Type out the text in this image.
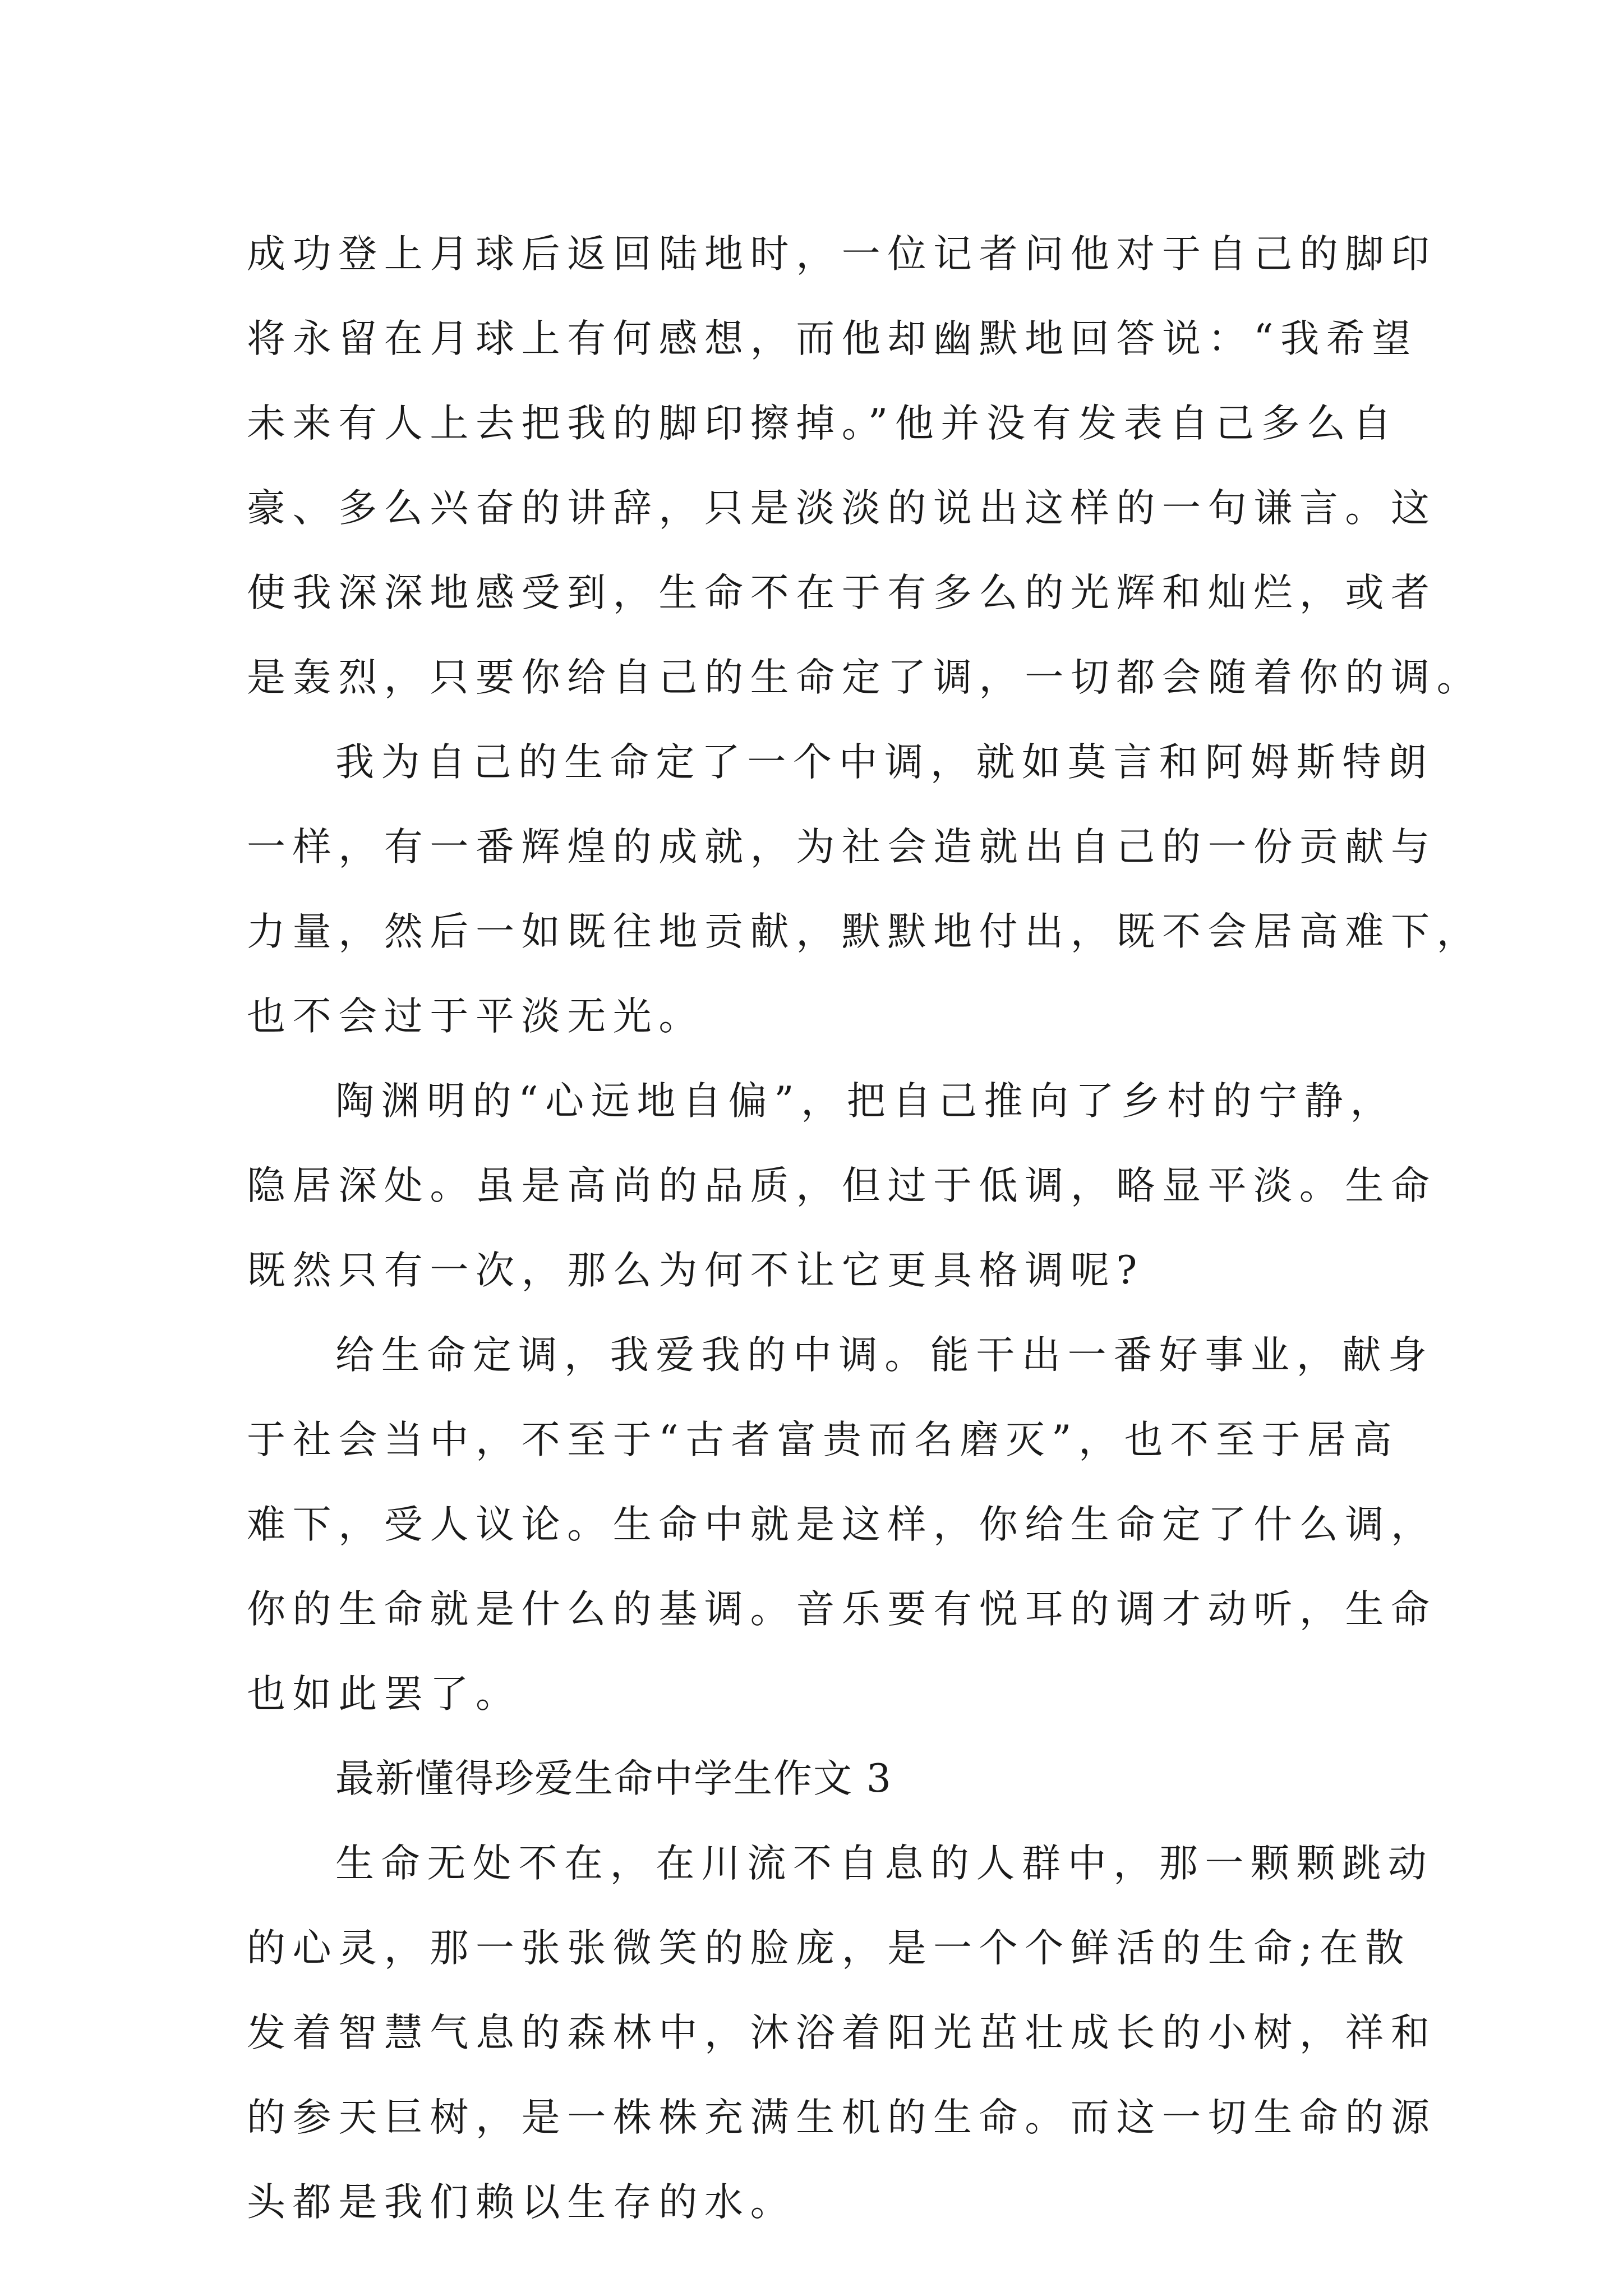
成功登上月球后返回陆地时，一位记者问他对于自己的脚印
将永留在月球上有何感想，而他却幽默地回答说：“我希望
未来有人上去把我的脚印擦掉。”他并没有发表自己多么自
豪、多么兴奋的讲辞，只是淡淡的说出这样的一句谦言。这
使我深深地感受到，生命不在于有多么的光辉和灿烂，或者
是轰烈，只要你给自己的生命定了调，一切都会随着你的调。
我为自己的生命定了一个中调，就如莫言和阿姆斯特朗
一样，有一番辉煌的成就，为社会造就出自己的一份贡献与
力量，然后一如既往地贡献，默默地付出，既不会居高难下，
也不会过于平淡无光。
陶渊明的“心远地自偏”，把自己推向了乡村的宁静，
隐居深处。虽是高尚的品质，但过于低调，略显平淡。生命
既然只有一次，那么为何不让它更具格调呢?
给生命定调，我爱我的中调。能干出一番好事业，献身
于社会当中，不至于“古者富贵而名磨灭”，也不至于居高
难下，受人议论。生命中就是这样，你给生命定了什么调，
你的生命就是什么的基调。音乐要有悦耳的调才动听，生命
也如此罢了。
最新懂得珍爱生命中学生作文 3
生命无处不在，在川流不自息的人群中，那一颗颗跳动
的心灵，那一张张微笑的脸庞，是一个个鲜活的生命;在散
发着智慧气息的森林中，沐浴着阳光茁壮成长的小树，祥和
的参天巨树，是一株株充满生机的生命。而这一切生命的源
头都是我们赖以生存的水。
